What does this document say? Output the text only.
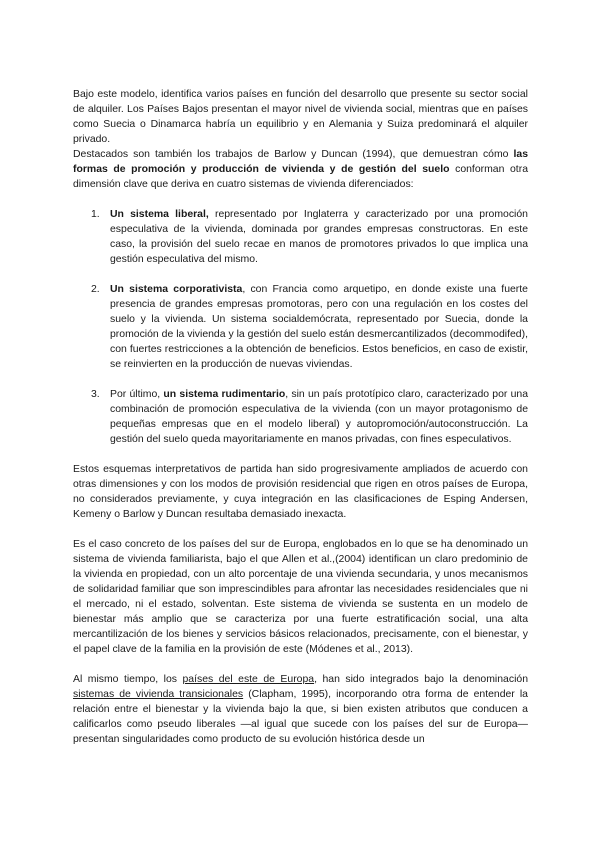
Bajo este modelo, identifica varios países en función del desarrollo que presente su sector social de alquiler. Los Países Bajos presentan el mayor nivel de vivienda social, mientras que en países como Suecia o Dinamarca habría un equilibrio y en Alemania y Suiza predominará el alquiler privado.

Destacados son también los trabajos de Barlow y Duncan (1994), que demuestran cómo las formas de promoción y producción de vivienda y de gestión del suelo conforman otra dimensión clave que deriva en cuatro sistemas de vivienda diferenciados:

1. Un sistema liberal, representado por Inglaterra y caracterizado por una promoción especulativa de la vivienda, dominada por grandes empresas constructoras. En este caso, la provisión del suelo recae en manos de promotores privados lo que implica una gestión especulativa del mismo.
2. Un sistema corporativista, con Francia como arquetipo, en donde existe una fuerte presencia de grandes empresas promotoras, pero con una regulación en los costes del suelo y la vivienda. Un sistema socialdemócrata, representado por Suecia, donde la promoción de la vivienda y la gestión del suelo están desmercantilizados (decommodifed), con fuertes restricciones a la obtención de beneficios. Estos beneficios, en caso de existir, se reinvierten en la producción de nuevas viviendas.
3. Por último, un sistema rudimentario, sin un país prototípico claro, caracterizado por una combinación de promoción especulativa de la vivienda (con un mayor protagonismo de pequeñas empresas que en el modelo liberal) y autopromoción/autoconstrucción. La gestión del suelo queda mayoritariamente en manos privadas, con fines especulativos.

Estos esquemas interpretativos de partida han sido progresivamente ampliados de acuerdo con otras dimensiones y con los modos de provisión residencial que rigen en otros países de Europa, no considerados previamente, y cuya integración en las clasificaciones de Esping Andersen, Kemeny o Barlow y Duncan resultaba demasiado inexacta.

Es el caso concreto de los países del sur de Europa, englobados en lo que se ha denominado un sistema de vivienda familiarista, bajo el que Allen et al.,(2004) identifican un claro predominio de la vivienda en propiedad, con un alto porcentaje de una vivienda secundaria, y unos mecanismos de solidaridad familiar que son imprescindibles para afrontar las necesidades residenciales que ni el mercado, ni el estado, solventan. Este sistema de vivienda se sustenta en un modelo de bienestar más amplio que se caracteriza por una fuerte estratificación social, una alta mercantilización de los bienes y servicios básicos relacionados, precisamente, con el bienestar, y el papel clave de la familia en la provisión de este (Módenes et al., 2013).

Al mismo tiempo, los países del este de Europa, han sido integrados bajo la denominación sistemas de vivienda transicionales (Clapham, 1995), incorporando otra forma de entender la relación entre el bienestar y la vivienda bajo la que, si bien existen atributos que conducen a calificarlos como pseudo liberales —al igual que sucede con los países del sur de Europa— presentan singularidades como producto de su evolución histórica desde un
